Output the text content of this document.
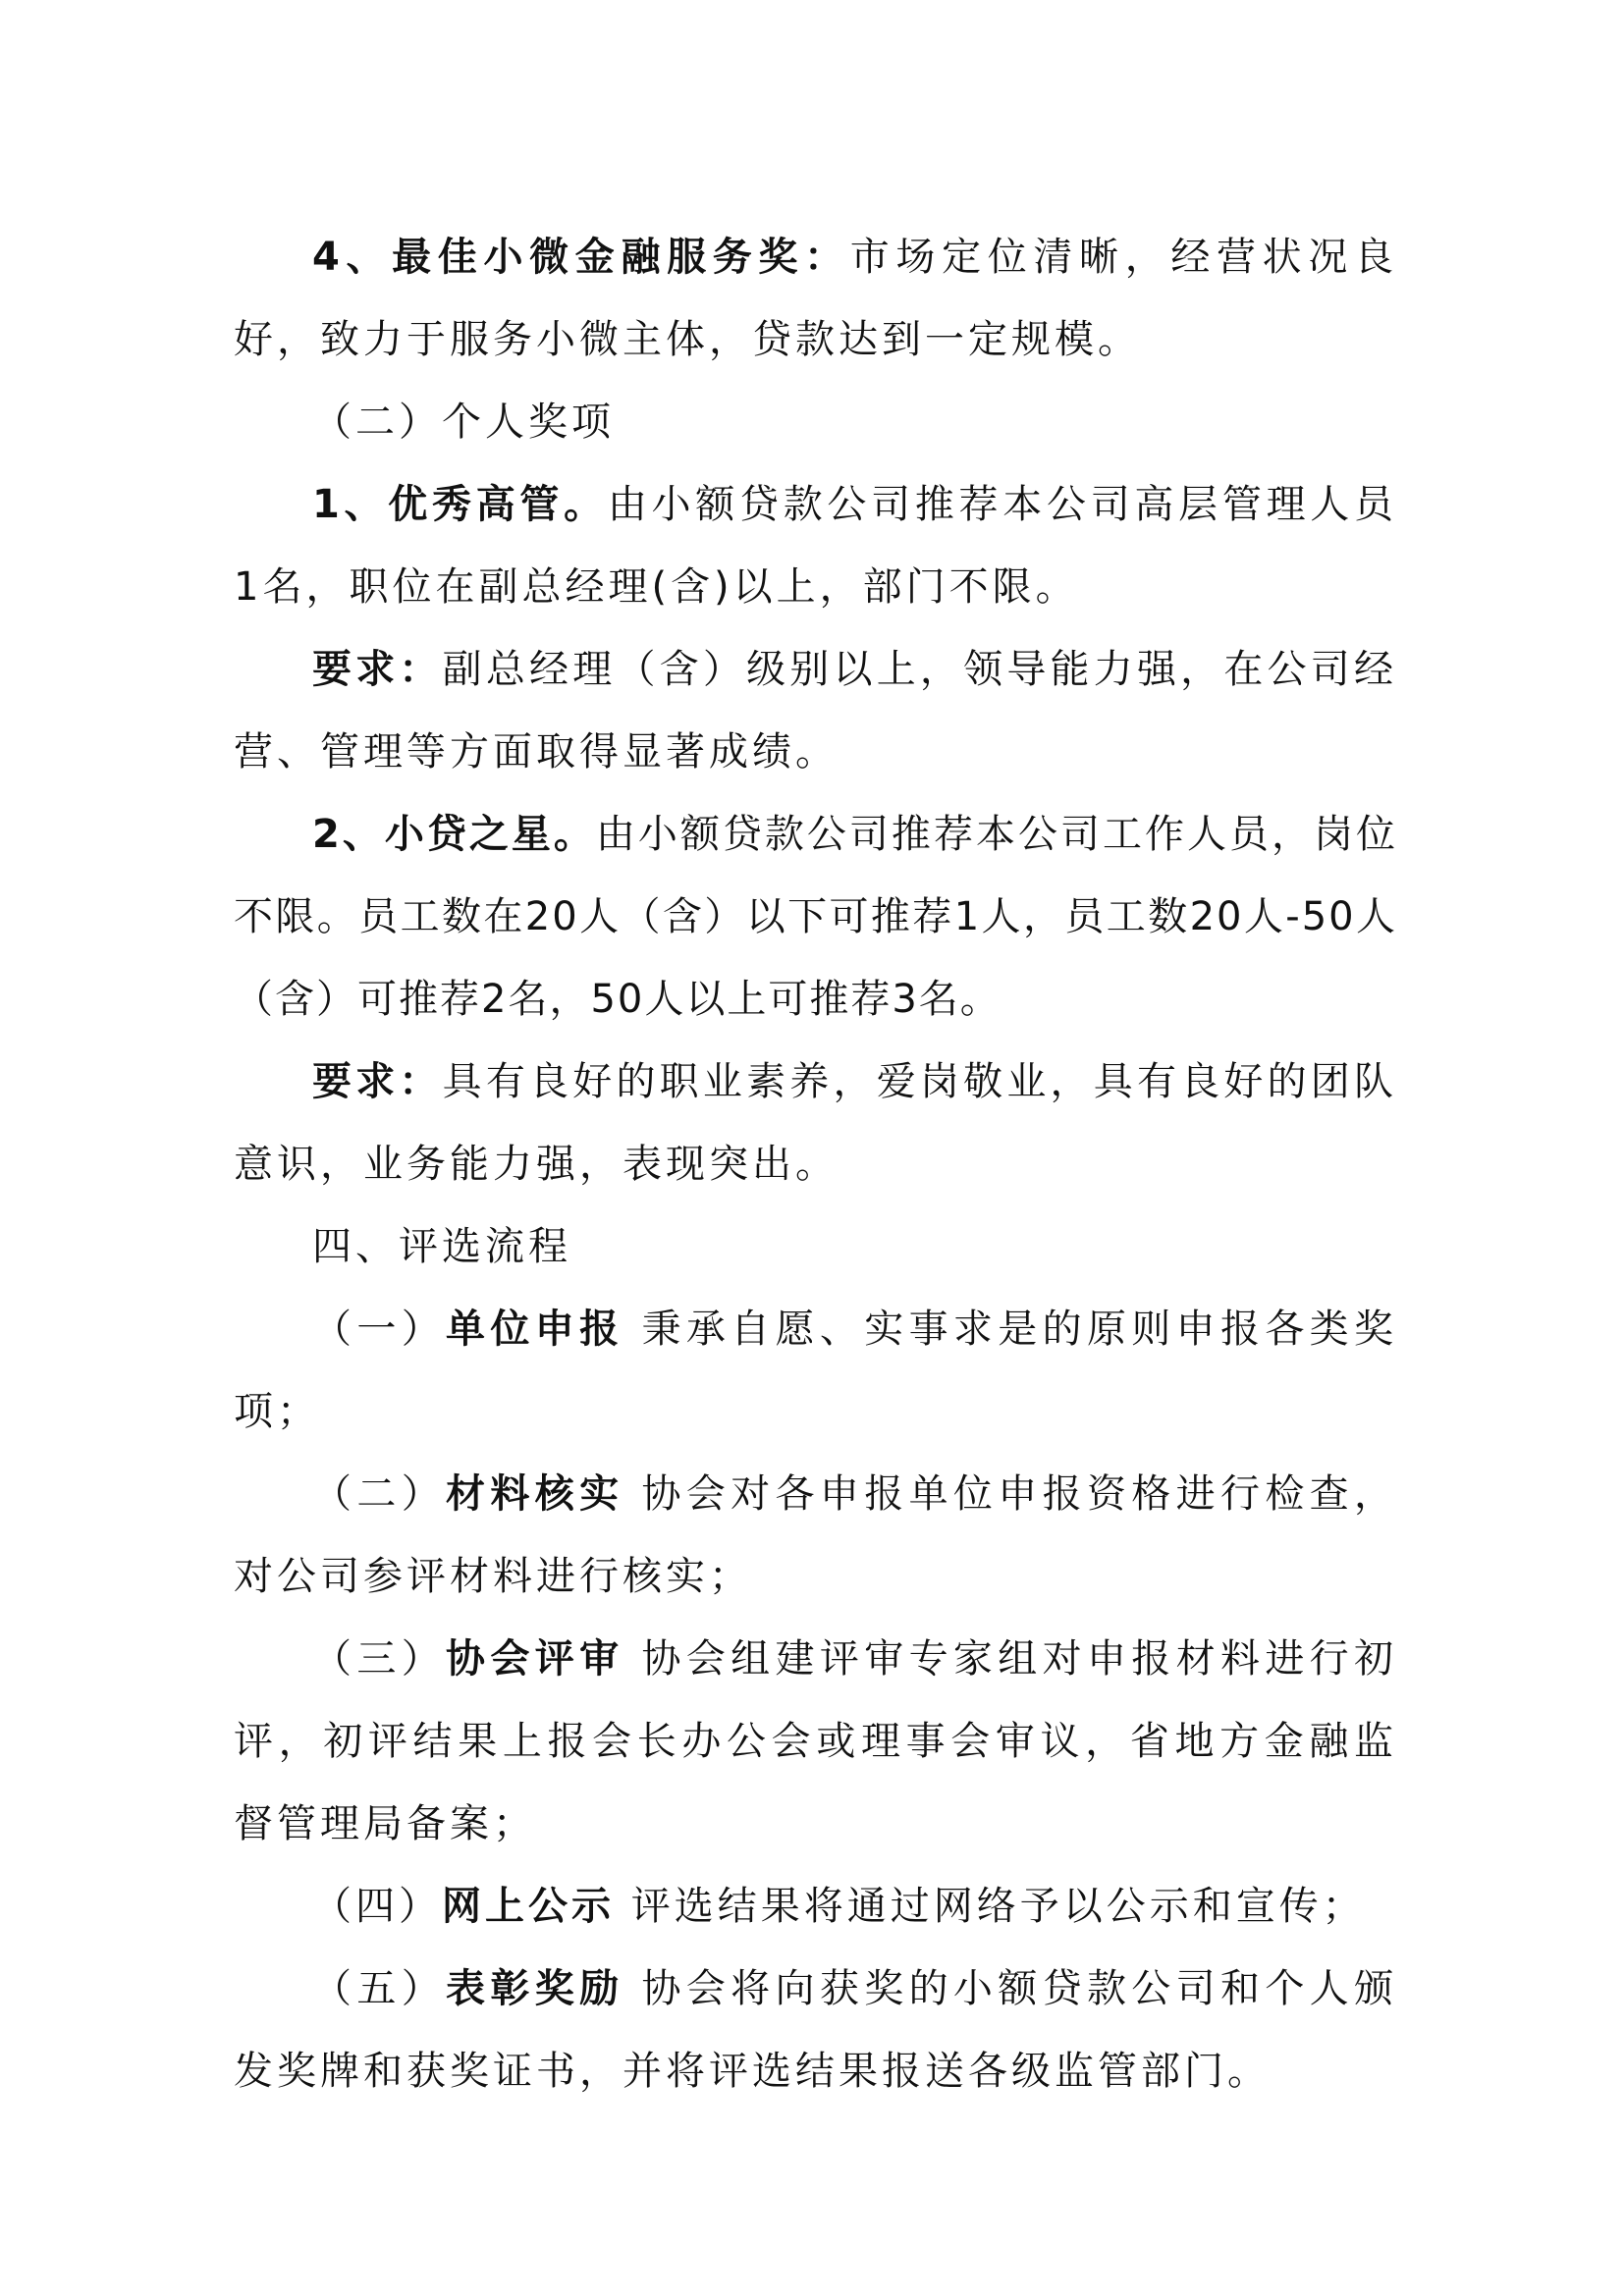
4、最佳小微金融服务奖：市场定位清晰，经营状况良好，致力于服务小微主体，贷款达到一定规模。

（二）个人奖项

1、优秀高管。由小额贷款公司推荐本公司高层管理人员1名，职位在副总经理(含)以上，部门不限。

要求：副总经理（含）级别以上，领导能力强，在公司经营、管理等方面取得显著成绩。

2、小贷之星。由小额贷款公司推荐本公司工作人员，岗位不限。员工数在20人（含）以下可推荐1人，员工数20人-50人（含）可推荐2名，50人以上可推荐3名。

要求：具有良好的职业素养，爱岗敬业，具有良好的团队意识，业务能力强，表现突出。

四、评选流程

（一）单位申报 秉承自愿、实事求是的原则申报各类奖项；

（二）材料核实 协会对各申报单位申报资格进行检查，对公司参评材料进行核实；

（三）协会评审 协会组建评审专家组对申报材料进行初评，初评结果上报会长办公会或理事会审议，省地方金融监督管理局备案；

（四）网上公示 评选结果将通过网络予以公示和宣传；

（五）表彰奖励 协会将向获奖的小额贷款公司和个人颁发奖牌和获奖证书，并将评选结果报送各级监管部门。
